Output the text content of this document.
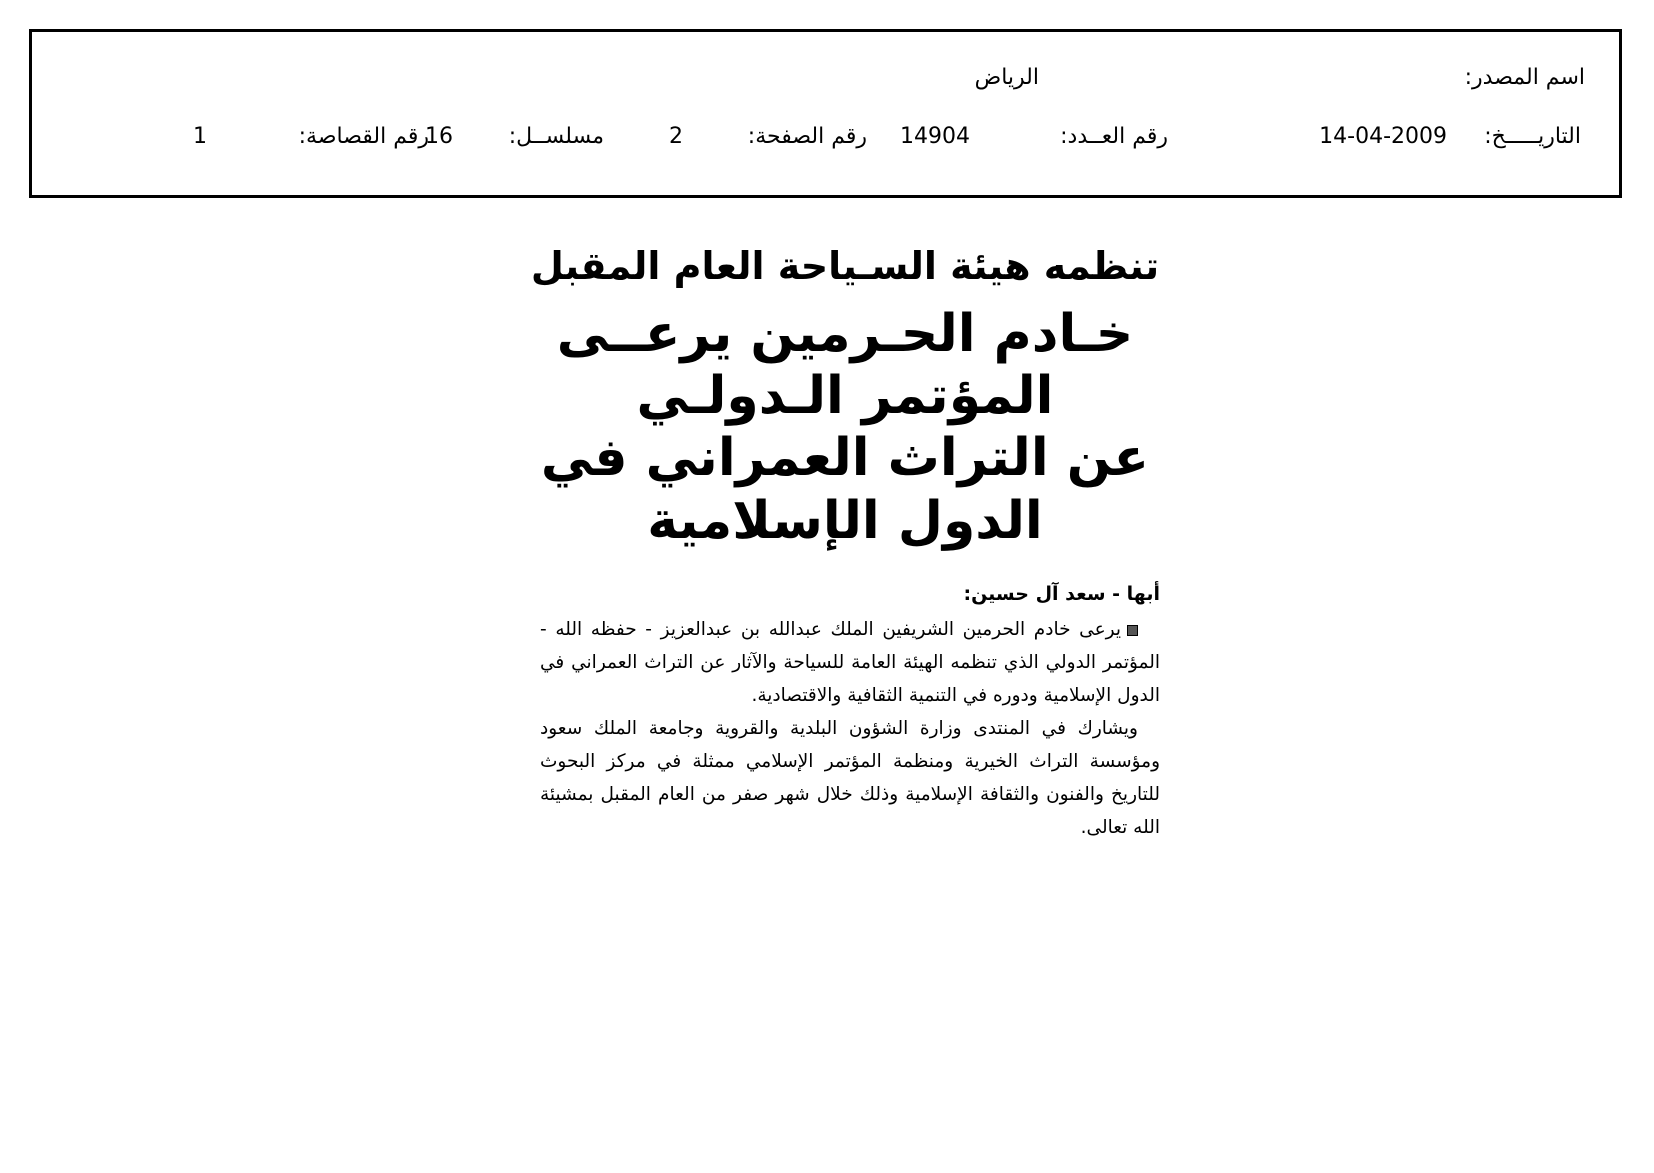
اسم المصدر:
الرياض
التاريـــــخ:
14-04-2009
رقم العــدد:
14904
رقم الصفحة:
2
مسلســل:
16
رقم القصاصة:
1
تنظمه هيئة السـياحة العام المقبل
خـادم الحـرمين يرعــى المؤتمر الـدولـي
عن التراث العمراني في الدول الإسلامية

أبها - سعد آل حسين:

يرعى خادم الحرمين الشريفين الملك عبدالله بن عبدالعزيز - حفظه الله - المؤتمر الدولي الذي تنظمه الهيئة العامة للسياحة والآثار عن التراث العمراني في الدول الإسلامية ودوره في التنمية الثقافية والاقتصادية.

ويشارك في المنتدى وزارة الشؤون البلدية والقروية وجامعة الملك سعود ومؤسسة التراث الخيرية ومنظمة المؤتمر الإسلامي ممثلة في مركز البحوث للتاريخ والفنون والثقافة الإسلامية وذلك خلال شهر صفر من العام المقبل بمشيئة الله تعالى.
